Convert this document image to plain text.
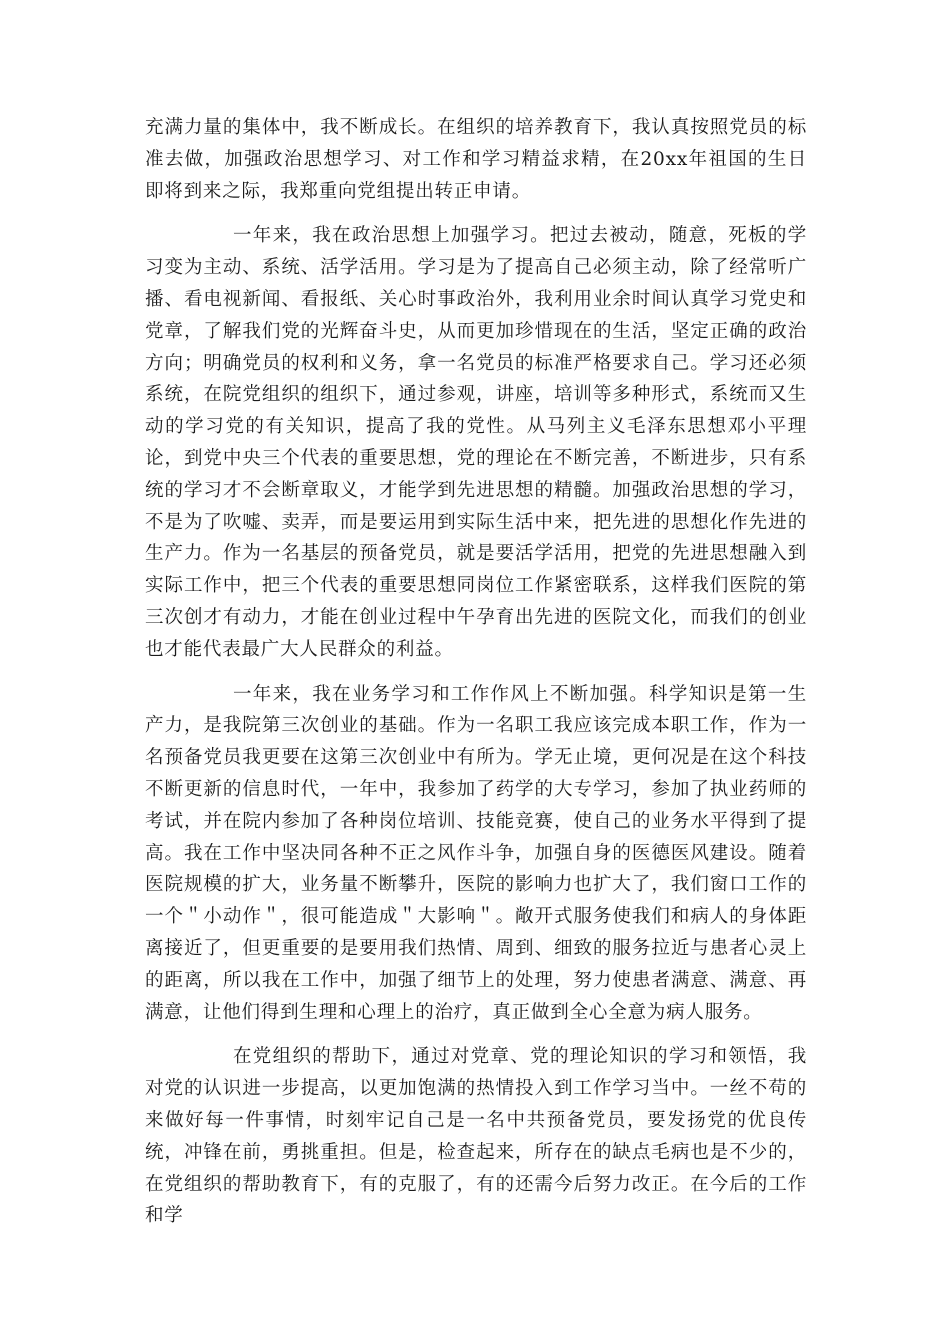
充满力量的集体中，我不断成长。在组织的培养教育下，我认真按照党员的标准去做，加强政治思想学习、对工作和学习精益求精，在20xx年祖国的生日即将到来之际，我郑重向党组提出转正申请。

一年来，我在政治思想上加强学习。把过去被动，随意，死板的学习变为主动、系统、活学活用。学习是为了提高自己必须主动，除了经常听广播、看电视新闻、看报纸、关心时事政治外，我利用业余时间认真学习党史和党章，了解我们党的光辉奋斗史，从而更加珍惜现在的生活，坚定正确的政治方向；明确党员的权利和义务，拿一名党员的标准严格要求自己。学习还必须系统，在院党组织的组织下，通过参观，讲座，培训等多种形式，系统而又生动的学习党的有关知识，提高了我的党性。从马列主义毛泽东思想邓小平理论，到党中央三个代表的重要思想，党的理论在不断完善，不断进步，只有系统的学习才不会断章取义，才能学到先进思想的精髓。加强政治思想的学习，不是为了吹嘘、卖弄，而是要运用到实际生活中来，把先进的思想化作先进的生产力。作为一名基层的预备党员，就是要活学活用，把党的先进思想融入到实际工作中，把三个代表的重要思想同岗位工作紧密联系，这样我们医院的第三次创才有动力，才能在创业过程中午孕育出先进的医院文化，而我们的创业也才能代表最广大人民群众的利益。

一年来，我在业务学习和工作作风上不断加强。科学知识是第一生产力，是我院第三次创业的基础。作为一名职工我应该完成本职工作，作为一名预备党员我更要在这第三次创业中有所为。学无止境，更何况是在这个科技不断更新的信息时代，一年中，我参加了药学的大专学习，参加了执业药师的考试，并在院内参加了各种岗位培训、技能竞赛，使自己的业务水平得到了提高。我在工作中坚决同各种不正之风作斗争，加强自身的医德医风建设。随着医院规模的扩大，业务量不断攀升，医院的影响力也扩大了，我们窗口工作的一个＂小动作＂，很可能造成＂大影响＂。敞开式服务使我们和病人的身体距离接近了，但更重要的是要用我们热情、周到、细致的服务拉近与患者心灵上的距离，所以我在工作中，加强了细节上的处理，努力使患者满意、满意、再满意，让他们得到生理和心理上的治疗，真正做到全心全意为病人服务。

在党组织的帮助下，通过对党章、党的理论知识的学习和领悟，我对党的认识进一步提高，以更加饱满的热情投入到工作学习当中。一丝不苟的来做好每一件事情，时刻牢记自己是一名中共预备党员，要发扬党的优良传统，冲锋在前，勇挑重担。但是，检查起来，所存在的缺点毛病也是不少的，在党组织的帮助教育下，有的克服了，有的还需今后努力改正。在今后的工作和学
